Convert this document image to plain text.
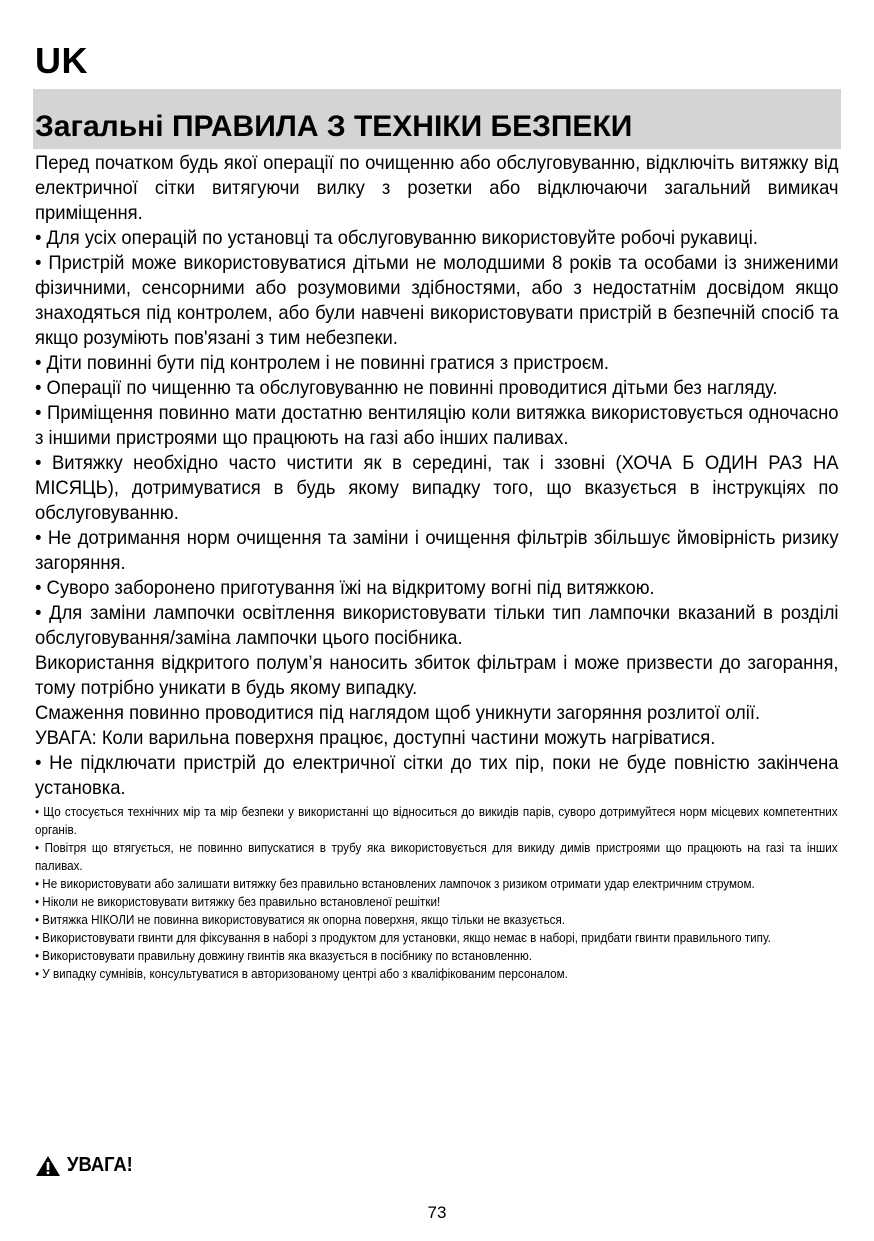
UK
Загальні ПРАВИЛА З ТЕХНІКИ БЕЗПЕКИ

Перед початком будь якої операції по очищенню або обслуговуванню, відключіть витяжку від електричної сітки витягуючи вилку з розетки або відключаючи загальний вимикач приміщення.

• Для усіх операцій по установці та обслуговуванню використовуйте робочі рукавиці.

• Пристрій може використовуватися дітьми не молодшими 8 років та особами із зниженими фізичними, сенсорними або розумовими здібностями, або з недостатнім досвідом якщо знаходяться під контролем, або були навчені використовувати пристрій в безпечній спосіб та якщо розуміють пов'язані з тим небезпеки.

• Діти повинні бути під контролем і не повинні гратися з пристроєм.

• Операції по чищенню та обслуговуванню не повинні проводитися дітьми без нагляду.

• Приміщення повинно мати достатню вентиляцію коли витяжка використовується одночасно з іншими пристроями що працюють на газі або інших паливах.

• Витяжку необхідно часто чистити як в середині, так і ззовні (ХОЧА Б ОДИН РАЗ НА МІСЯЦЬ), дотримуватися в будь якому випадку того, що вказується в інструкціях по обслуговуванню.

• Не дотримання норм очищення та заміни і очищення фільтрів збільшує ймовірність ризику загоряння.

• Суворо заборонено приготування їжі на відкритому вогні під витяжкою.

• Для заміни лампочки освітлення використовувати тільки тип лампочки вказаний в розділі обслуговування/заміна лампочки цього посібника.

Використання відкритого полум’я наносить збиток фільтрам і може призвести до загорання, тому потрібно уникати в будь якому випадку.

Смаження повинно проводитися під наглядом щоб уникнути загоряння розлитої олії.

УВАГА: Коли варильна поверхня працює, доступні частини можуть нагріватися.

• Не підключати пристрій до електричної сітки до тих пір, поки не буде повністю закінчена установка.

• Що стосується технічних мір та мір безпеки у використанні що відноситься до викидів парів, суворо дотримуйтеся норм місцевих компетентних органів.

• Повітря що втягується, не повинно випускатися в трубу яка використовується для викиду димів пристроями що працюють на газі та інших паливах.

• Не використовувати або залишати витяжку без правильно встановлених лампочок з ризиком отримати удар електричним струмом.

• Ніколи не використовувати витяжку без правильно встановленої решітки!

• Витяжка НІКОЛИ не повинна використовуватися як опорна поверхня, якщо тільки не вказується.

• Використовувати гвинти для фіксування в наборі з продуктом для установки, якщо немає в наборі, придбати гвинти правильного типу.

• Використовувати правильну довжину гвинтів яка вказується в посібнику по встановленню.

• У випадку сумнівів, консультуватися в авторизованому центрі або з кваліфікованим персоналом.

УВАГА!
73
